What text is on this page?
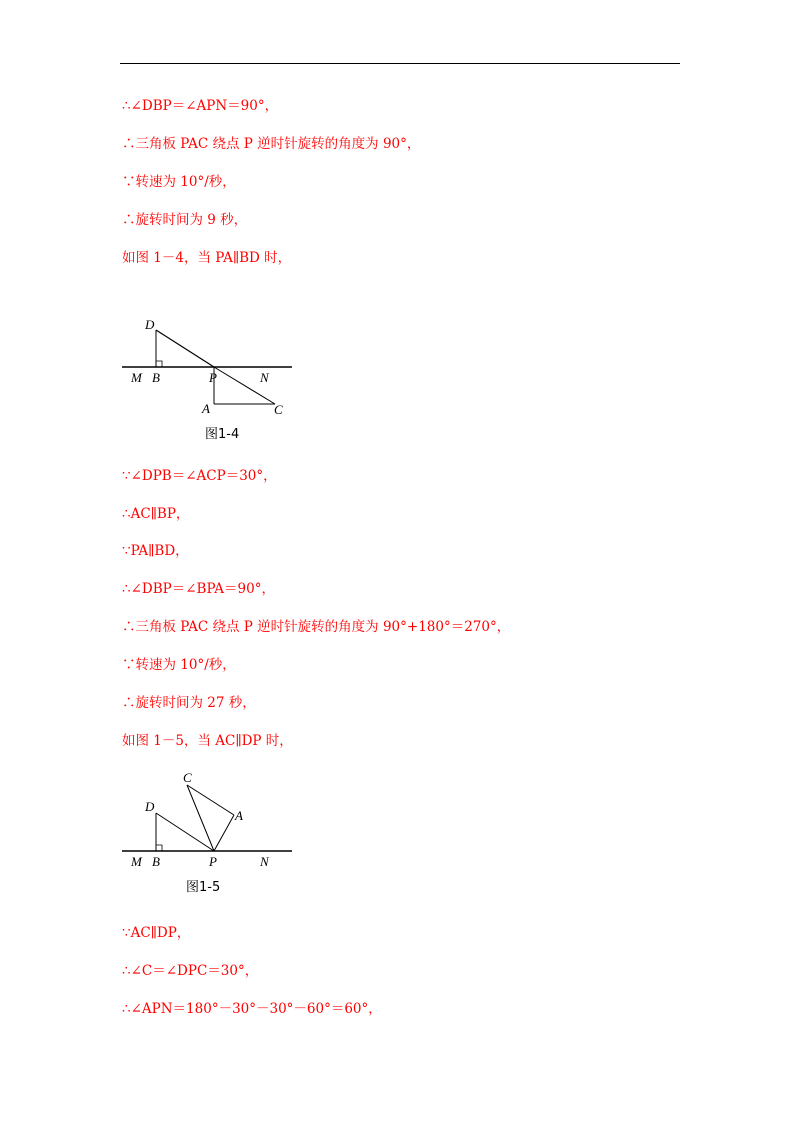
∴∠DBP＝∠APN＝90°，
∴三角板 PAC 绕点 P 逆时针旋转的角度为 90°，
∵转速为 10°/秒，
∴旋转时间为 9 秒，
如图 1－4，当 PA∥BD 时，
D
M B	P	N
A	C
图1-4
∵∠DPB＝∠ACP＝30°，
∴AC∥BP，
∵PA∥BD，
∴∠DBP＝∠BPA＝90°，
∴三角板 PAC 绕点 P 逆时针旋转的角度为 90°+180°＝270°，
∵转速为 10°/秒，
∴旋转时间为 27 秒，
如图 1－5，当 AC∥DP 时，
C
D
A
M B	P	N
图1-5
∵AC∥DP，
∴∠C＝∠DPC＝30°，
∴∠APN＝180°－30°－30°－60°＝60°，
